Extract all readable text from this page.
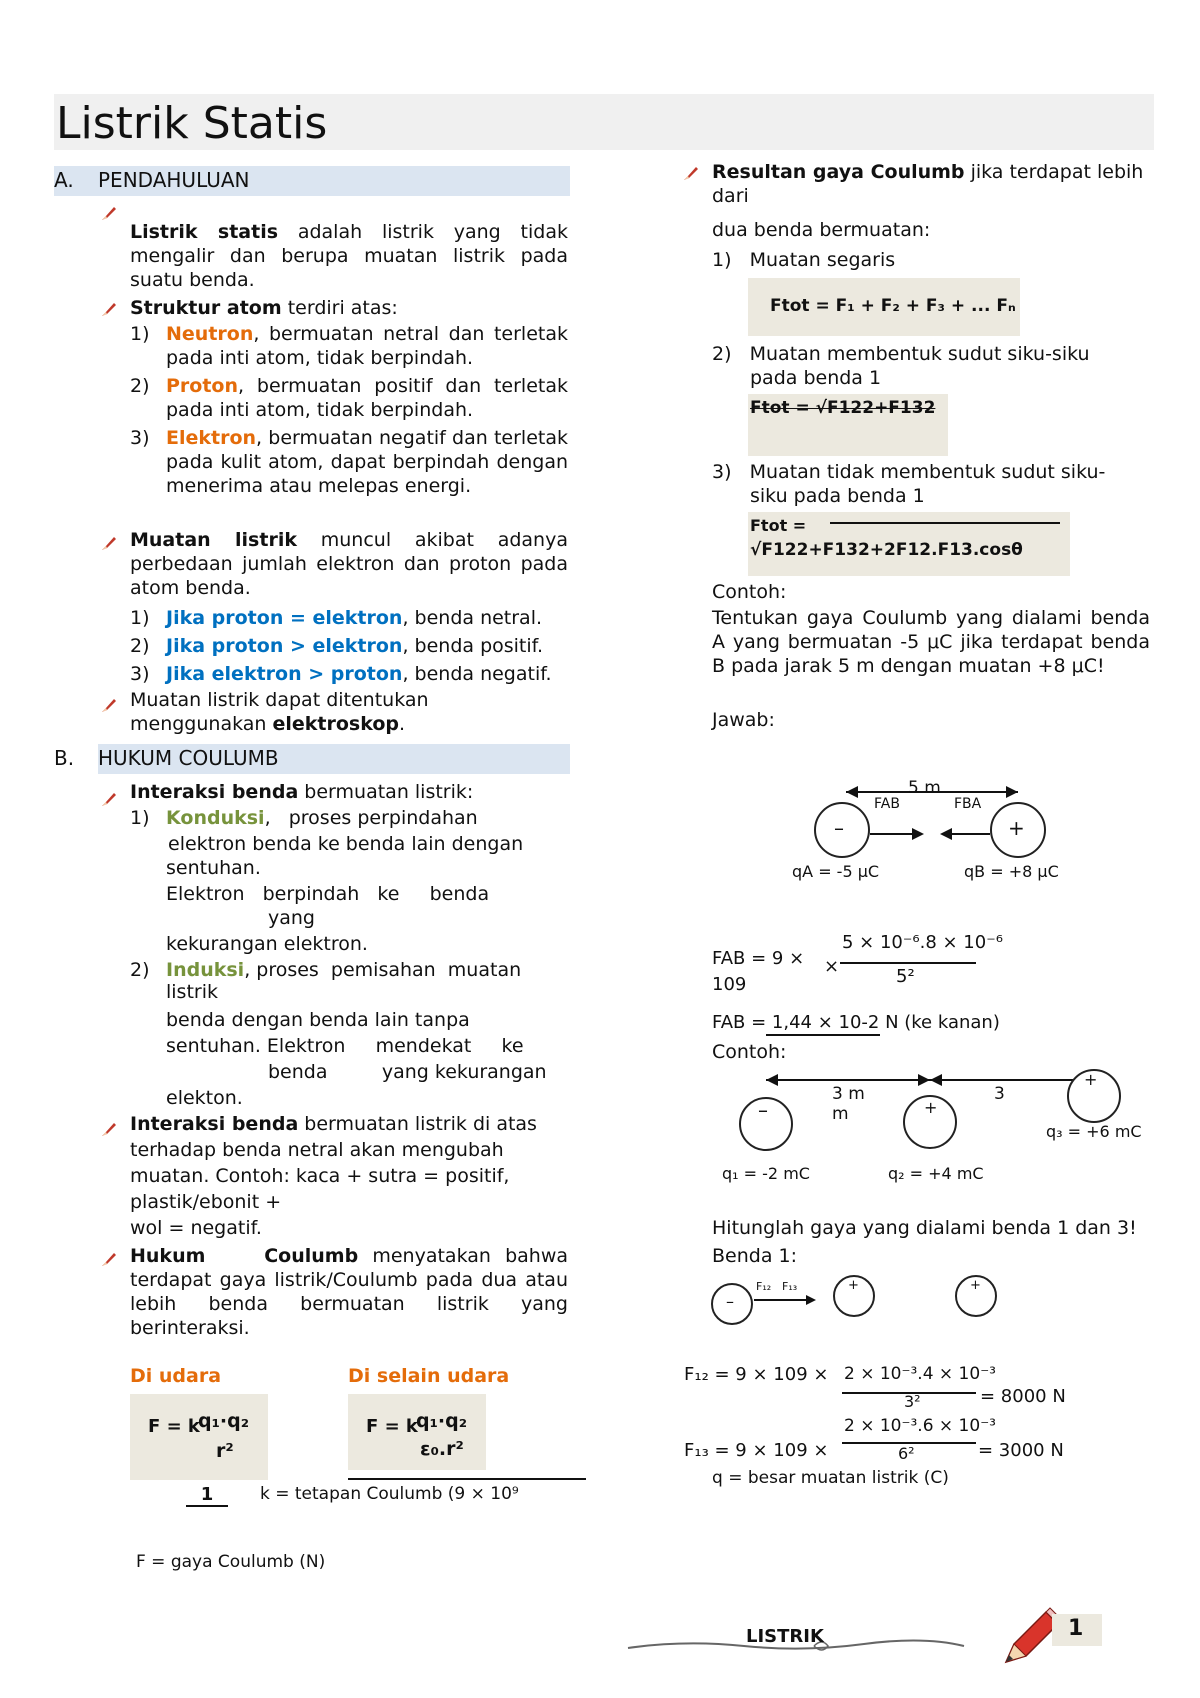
Listrik Statis
A. PENDAHULUAN
Listrik statis adalah listrik yang tidak mengalir dan berupa muatan listrik pada suatu benda.
Struktur atom terdiri atas:
1) Neutron, bermuatan netral dan terletak pada inti atom, tidak berpindah.
2) Proton, bermuatan positif dan terletak pada inti atom, tidak berpindah.
3) Elektron, bermuatan negatif dan terletak pada kulit atom, dapat berpindah dengan menerima atau melepas energi.
Muatan listrik muncul akibat adanya perbedaan jumlah elektron dan proton pada atom benda.
1) Jika proton = elektron, benda netral.
2) Jika proton > elektron, benda positif.
3) Jika elektron > proton, benda negatif.
Muatan listrik dapat ditentukan menggunakan elektroskop.
B. HUKUM COULUMB
Interaksi benda bermuatan listrik:
1) Konduksi,   proses perpindahan
elektron benda ke benda lain dengan
sentuhan.
Elektron   berpindah   ke     benda
yang
kekurangan elektron.
2) Induksi, proses  pemisahan  muatan
listrik
benda dengan benda lain tanpa
sentuhan. Elektron     mendekat     ke
benda         yang kekurangan
elekton.
Interaksi benda bermuatan listrik di atas
terhadap benda netral akan mengubah
muatan. Contoh: kaca + sutra = positif,
plastik/ebonit +
wol = negatif.
Hukum    Coulumb menyatakan bahwa terdapat gaya listrik/Coulumb pada dua atau lebih benda bermuatan listrik yang berinteraksi.
Di udara	Di selain udara
F = k
q₁·q₂
r²
F = k
q₁·q₂
ε₀.r²
1	k = tetapan Coulumb (9 × 10⁹
F = gaya Coulumb (N)
Resultan gaya Coulumb jika terdapat lebih
dari
dua benda bermuatan:
1)   Muatan segaris
Ftot = F₁ + F₂ + F₃ + ... Fₙ
2)   Muatan membentuk sudut siku-siku
pada benda 1
Ftot = √F122+F132
3)   Muatan tidak membentuk sudut siku-
siku pada benda 1
Ftot =
√F122+F132+2F12.F13.cosθ
Contoh:
Tentukan gaya Coulumb yang dialami benda A yang bermuatan -5 μC jika terdapat benda B pada jarak 5 m dengan muatan +8 μC!
Jawab:
5 m
FAB	FBA
–	+
qA = -5 μC	qB = +8 μC
FAB = 9 ×
109
×
5 × 10⁻⁶.8 × 10⁻⁶
5²
FAB = 1,44 × 10-2 N (ke kanan)
Contoh:
3 m
m
3
–	+
+
q₁ = -2 mC	q₂ = +4 mC
q₃ = +6 mC
Hitunglah gaya yang dialami benda 1 dan 3!
Benda 1:
F₁₂ F₁₃
–
+	+
F₁₂ = 9 × 109 × 2 × 10⁻³.4 × 10⁻³
3²	= 8000 N
F₁₃ = 9 × 109 ×
2 × 10⁻³.6 × 10⁻³
6²	= 3000 N
q = besar muatan listrik (C)
LISTRIK	1
